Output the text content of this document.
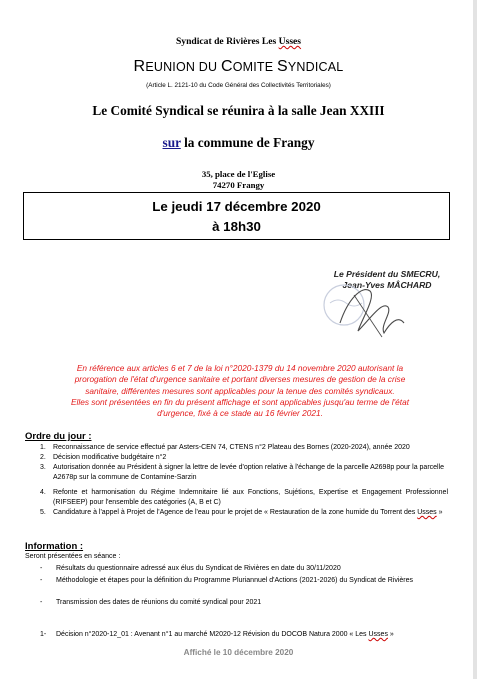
Syndicat de Rivières Les Usses
REUNION DU COMITE SYNDICAL
(Article L. 2121-10 du Code Général des Collectivités Territoriales)
Le Comité Syndical se réunira à la salle Jean XXIII
sur la commune de Frangy
35, place de l'Eglise
74270 Frangy
Le jeudi 17 décembre 2020
à 18h30
Le Président du SMECRU,
Jean-Yves MÂCHARD
En référence aux articles 6 et 7 de la loi n°2020-1379 du 14 novembre 2020 autorisant la
prorogation de l'état d'urgence sanitaire et portant diverses mesures de gestion de la crise
sanitaire, différentes mesures sont applicables pour la tenue des comités syndicaux.
Elles sont présentées en fin du présent affichage et sont applicables jusqu'au terme de l'état
d'urgence, fixé à ce stade au 16 février 2021.
Ordre du jour :
1. Reconnaissance de service effectué par Asters-CEN 74, CTENS n°2 Plateau des Bornes (2020-2024), année 2020
2. Décision modificative budgétaire n°2
3. Autorisation donnée au Président à signer la lettre de levée d'option relative à l'échange de la parcelle A2698p pour la parcelle A2678p sur la commune de Contamine-Sarzin
4. Refonte et harmonisation du Régime Indemnitaire lié aux Fonctions, Sujétions, Expertise et Engagement Professionnel (RIFSEEP) pour l'ensemble des catégories (A, B et C)
5. Candidature à l'appel à Projet de l'Agence de l'eau pour le projet de « Restauration de la zone humide du Torrent des Usses »
Information :
Seront présentées en séance :
- Résultats du questionnaire adressé aux élus du Syndicat de Rivières en date du 30/11/2020
- Méthodologie et étapes pour la définition du Programme Pluriannuel d'Actions (2021-2026) du Syndicat de Rivières
- Transmission des dates de réunions du comité syndical pour 2021
1- Décision n°2020-12_01 : Avenant n°1 au marché M2020-12 Révision du DOCOB Natura 2000 « Les Usses »
Affiché le 10 décembre 2020
